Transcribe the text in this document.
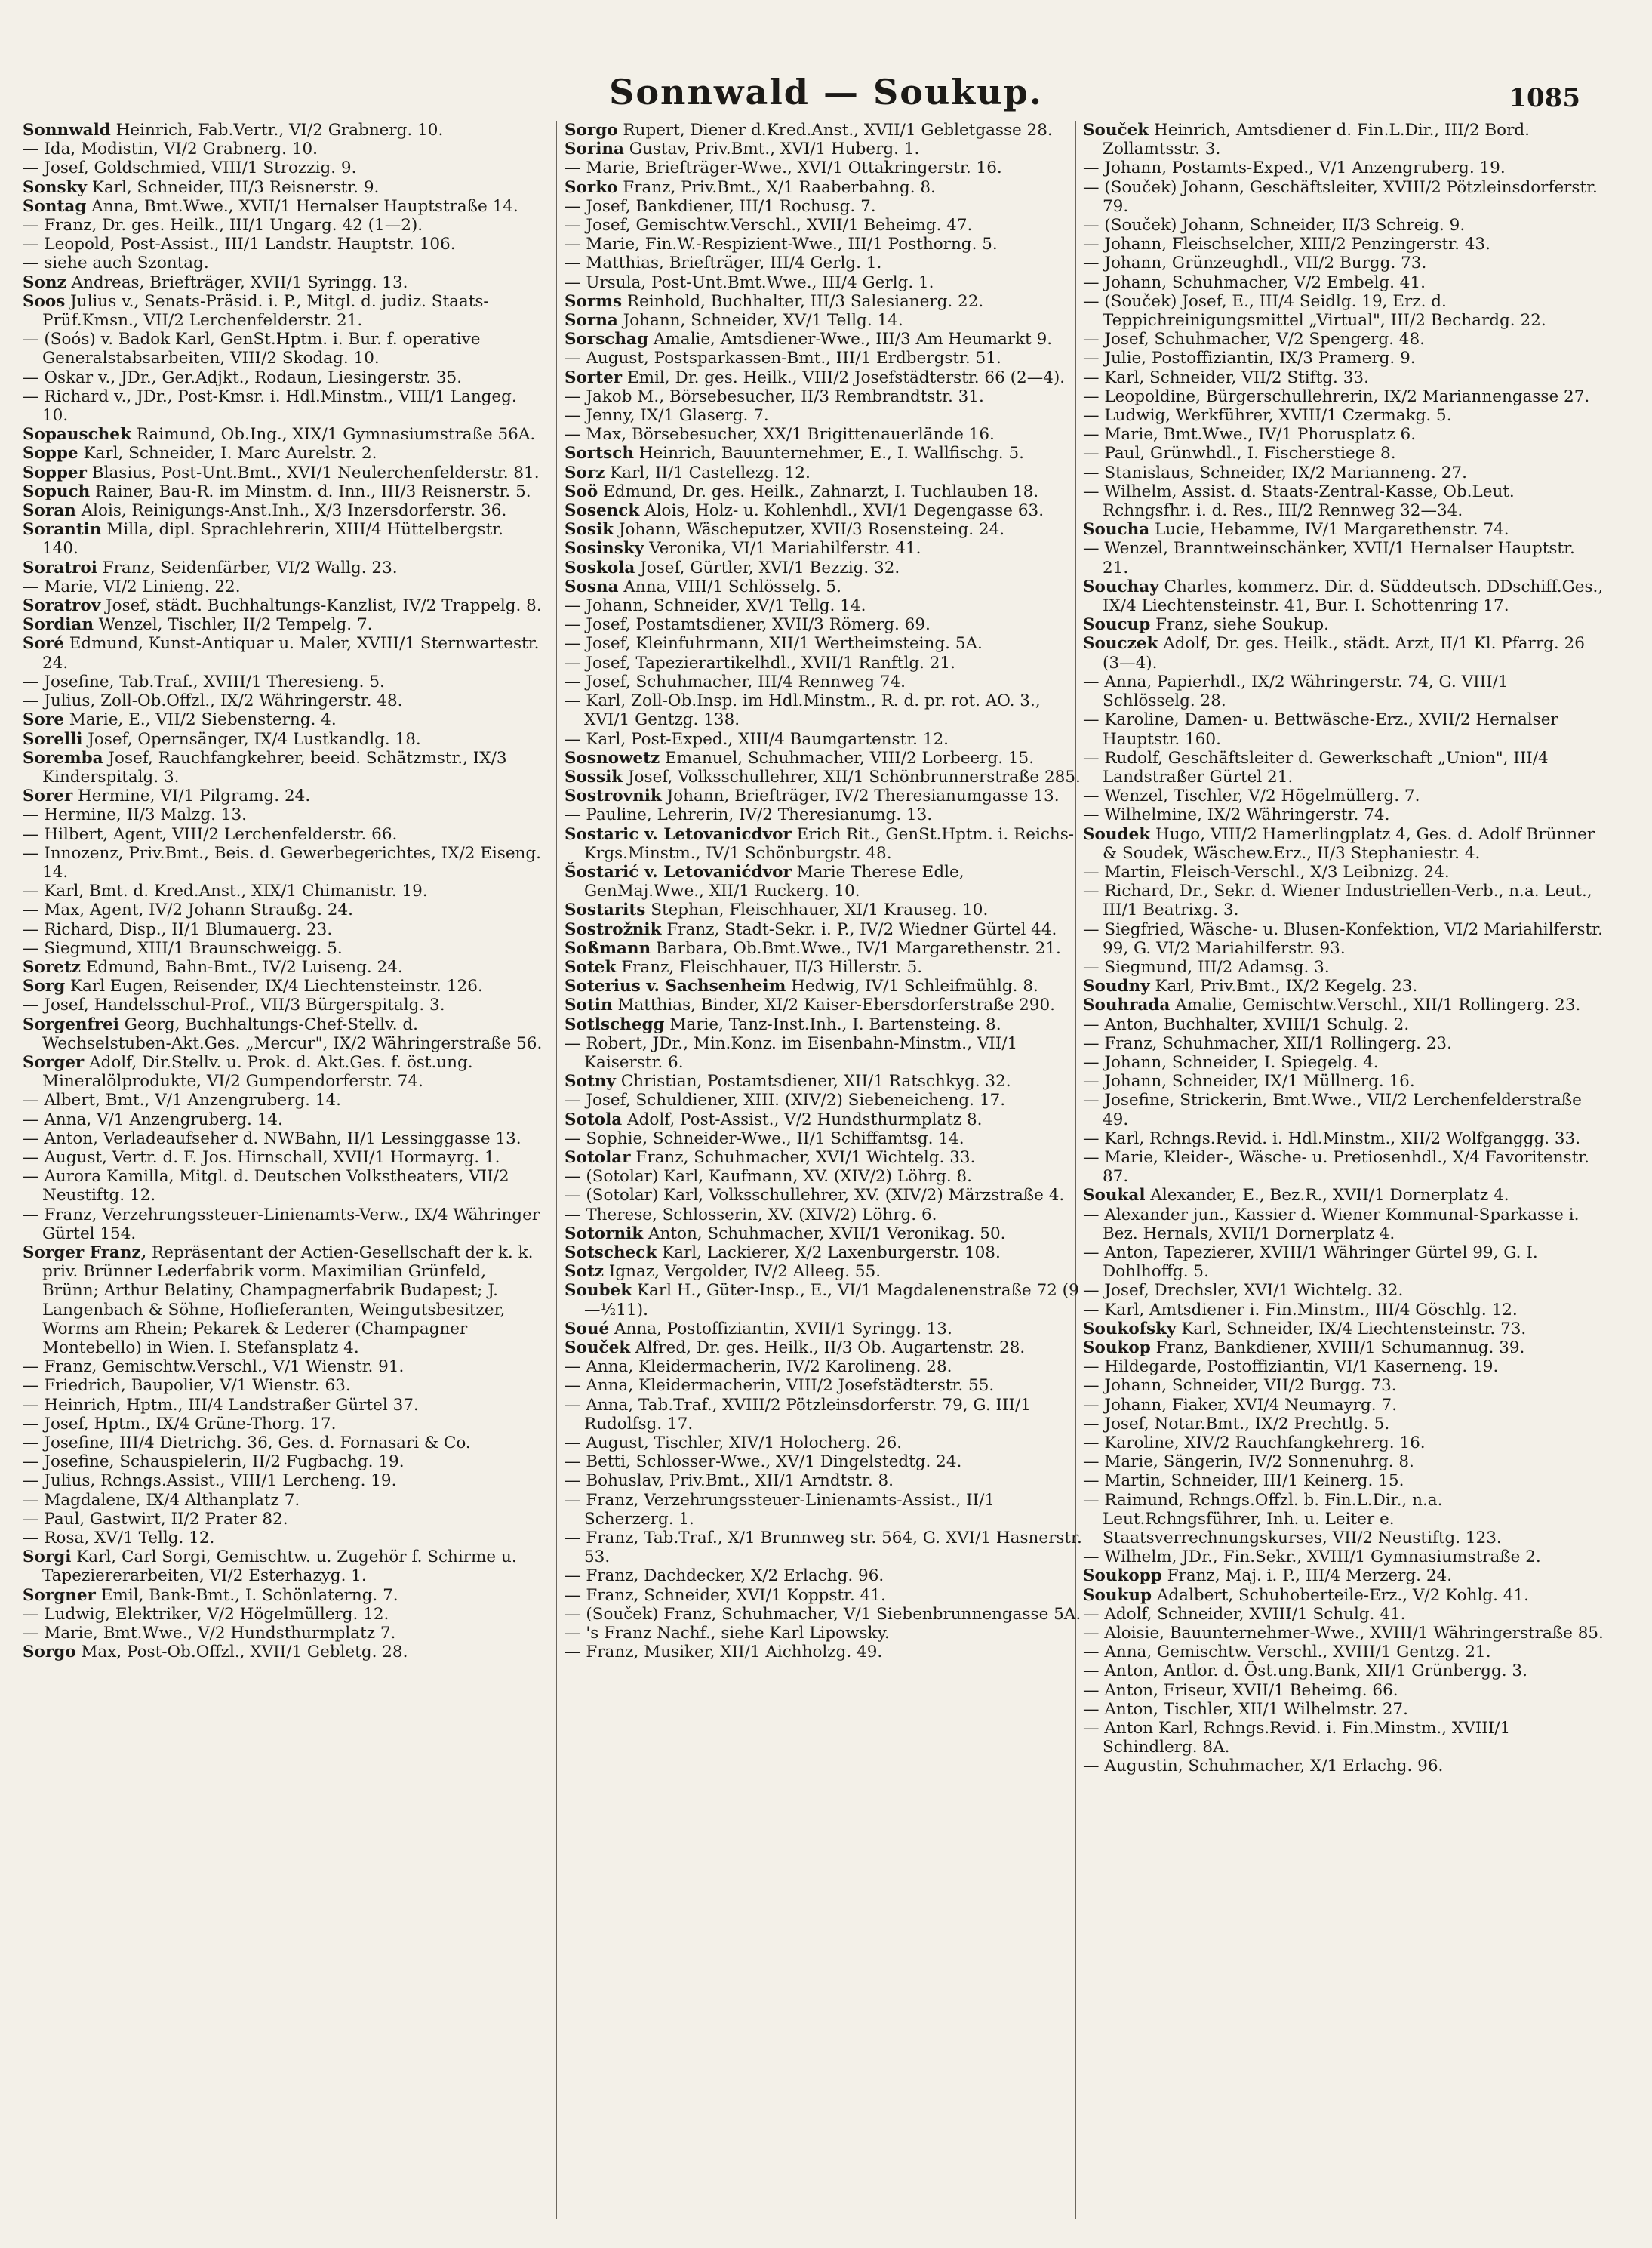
Sonnwald — Soukup.	1085

Sonnwald Heinrich, Fab.Vertr., VI/2 Grabnerg. 10.

— Ida, Modistin, VI/2 Grabnerg. 10.

— Josef, Goldschmied, VIII/1 Strozzig. 9.

Sonsky Karl, Schneider, III/3 Reisnerstr. 9.

Sontag Anna, Bmt.Wwe., XVII/1 Hernalser Hauptstraße 14.

— Franz, Dr. ges. Heilk., III/1 Ungarg. 42 (1—2).

— Leopold, Post-Assist., III/1 Landstr. Hauptstr. 106.

— siehe auch Szontag.

Sonz Andreas, Briefträger, XVII/1 Syringg. 13.

Soos Julius v., Senats-Präsid. i. P., Mitgl. d. judiz. Staats-Prüf.Kmsn., VII/2 Lerchenfelderstr. 21.

— (Soós) v. Badok Karl, GenSt.Hptm. i. Bur. f. operative Generalstabsarbeiten, VIII/2 Skodag. 10.

— Oskar v., JDr., Ger.Adjkt., Rodaun, Liesingerstr. 35.

— Richard v., JDr., Post-Kmsr. i. Hdl.Minstm., VIII/1 Langeg. 10.

Sopauschek Raimund, Ob.Ing., XIX/1 Gymnasiumstraße 56A.

Soppe Karl, Schneider, I. Marc Aurelstr. 2.

Sopper Blasius, Post-Unt.Bmt., XVI/1 Neulerchenfelderstr. 81.

Sopuch Rainer, Bau-R. im Minstm. d. Inn., III/3 Reisnerstr. 5.

Soran Alois, Reinigungs-Anst.Inh., X/3 Inzersdorferstr. 36.

Sorantin Milla, dipl. Sprachlehrerin, XIII/4 Hüttelbergstr. 140.

Soratroi Franz, Seidenfärber, VI/2 Wallg. 23.

— Marie, VI/2 Linieng. 22.

Soratrov Josef, städt. Buchhaltungs-Kanzlist, IV/2 Trappelg. 8.

Sordian Wenzel, Tischler, II/2 Tempelg. 7.

Soré Edmund, Kunst-Antiquar u. Maler, XVIII/1 Sternwartestr. 24.

— Josefine, Tab.Traf., XVIII/1 Theresieng. 5.

— Julius, Zoll-Ob.Offzl., IX/2 Währingerstr. 48.

Sore Marie, E., VII/2 Siebensterng. 4.

Sorelli Josef, Opernsänger, IX/4 Lustkandlg. 18.

Soremba Josef, Rauchfangkehrer, beeid. Schätzmstr., IX/3 Kinderspitalg. 3.

Sorer Hermine, VI/1 Pilgramg. 24.

— Hermine, II/3 Malzg. 13.

— Hilbert, Agent, VIII/2 Lerchenfelderstr. 66.

— Innozenz, Priv.Bmt., Beis. d. Gewerbegerichtes, IX/2 Eiseng. 14.

— Karl, Bmt. d. Kred.Anst., XIX/1 Chimanistr. 19.

— Max, Agent, IV/2 Johann Straußg. 24.

— Richard, Disp., II/1 Blumauerg. 23.

— Siegmund, XIII/1 Braunschweigg. 5.

Soretz Edmund, Bahn-Bmt., IV/2 Luiseng. 24.

Sorg Karl Eugen, Reisender, IX/4 Liechtensteinstr. 126.

— Josef, Handelsschul-Prof., VII/3 Bürgerspitalg. 3.

Sorgenfrei Georg, Buchhaltungs-Chef-Stellv. d. Wechselstuben-Akt.Ges. „Mercur", IX/2 Währingerstraße 56.

Sorger Adolf, Dir.Stellv. u. Prok. d. Akt.Ges. f. öst.ung. Mineralölprodukte, VI/2 Gumpendorferstr. 74.

— Albert, Bmt., V/1 Anzengruberg. 14.

— Anna, V/1 Anzengruberg. 14.

— Anton, Verladeaufseher d. NWBahn, II/1 Lessinggasse 13.

— August, Vertr. d. F. Jos. Hirnschall, XVII/1 Hormayrg. 1.

— Aurora Kamilla, Mitgl. d. Deutschen Volkstheaters, VII/2 Neustiftg. 12.

— Franz, Verzehrungssteuer-Linienamts-Verw., IX/4 Währinger Gürtel 154.

Sorger Franz, Repräsentant der Actien-Gesellschaft der k. k. priv. Brünner Lederfabrik vorm. Maximilian Grünfeld, Brünn; Arthur Belatiny, Champagnerfabrik Budapest; J. Langenbach & Söhne, Hoflieferanten, Weingutsbesitzer, Worms am Rhein; Pekarek & Lederer (Champagner Montebello) in Wien. I. Stefansplatz 4.

— Franz, Gemischtw.Verschl., V/1 Wienstr. 91.

— Friedrich, Baupolier, V/1 Wienstr. 63.

— Heinrich, Hptm., III/4 Landstraßer Gürtel 37.

— Josef, Hptm., IX/4 Grüne-Thorg. 17.

— Josefine, III/4 Dietrichg. 36, Ges. d. Fornasari & Co.

— Josefine, Schauspielerin, II/2 Fugbachg. 19.

— Julius, Rchngs.Assist., VIII/1 Lercheng. 19.

— Magdalene, IX/4 Althanplatz 7.

— Paul, Gastwirt, II/2 Prater 82.

— Rosa, XV/1 Tellg. 12.

Sorgi Karl, Carl Sorgi, Gemischtw. u. Zugehör f. Schirme u. Tapeziererarbeiten, VI/2 Esterhazyg. 1.

Sorgner Emil, Bank-Bmt., I. Schönlaterng. 7.

— Ludwig, Elektriker, V/2 Högelmüllerg. 12.

— Marie, Bmt.Wwe., V/2 Hundsthurmplatz 7.

Sorgo Max, Post-Ob.Offzl., XVII/1 Gebletg. 28.

Sorgo Rupert, Diener d.Kred.Anst., XVII/1 Gebletgasse 28.

Sorina Gustav, Priv.Bmt., XVI/1 Huberg. 1.

— Marie, Briefträger-Wwe., XVI/1 Ottakringerstr. 16.

Sorko Franz, Priv.Bmt., X/1 Raaberbahng. 8.

— Josef, Bankdiener, III/1 Rochusg. 7.

— Josef, Gemischtw.Verschl., XVII/1 Beheimg. 47.

— Marie, Fin.W.-Respizient-Wwe., III/1 Posthorng. 5.

— Matthias, Briefträger, III/4 Gerlg. 1.

— Ursula, Post-Unt.Bmt.Wwe., III/4 Gerlg. 1.

Sorms Reinhold, Buchhalter, III/3 Salesianerg. 22.

Sorna Johann, Schneider, XV/1 Tellg. 14.

Sorschag Amalie, Amtsdiener-Wwe., III/3 Am Heumarkt 9.

— August, Postsparkassen-Bmt., III/1 Erdbergstr. 51.

Sorter Emil, Dr. ges. Heilk., VIII/2 Josefstädterstr. 66 (2—4).

— Jakob M., Börsebesucher, II/3 Rembrandtstr. 31.

— Jenny, IX/1 Glaserg. 7.

— Max, Börsebesucher, XX/1 Brigittenauerlände 16.

Sortsch Heinrich, Bauunternehmer, E., I. Wallfischg. 5.

Sorz Karl, II/1 Castellezg. 12.

Soö Edmund, Dr. ges. Heilk., Zahnarzt, I. Tuchlauben 18.

Sosenck Alois, Holz- u. Kohlenhdl., XVI/1 Degengasse 63.

Sosik Johann, Wäscheputzer, XVII/3 Rosensteing. 24.

Sosinsky Veronika, VI/1 Mariahilferstr. 41.

Soskola Josef, Gürtler, XVI/1 Bezzig. 32.

Sosna Anna, VIII/1 Schlösselg. 5.

— Johann, Schneider, XV/1 Tellg. 14.

— Josef, Postamtsdiener, XVII/3 Römerg. 69.

— Josef, Kleinfuhrmann, XII/1 Wertheimsteing. 5A.

— Josef, Tapezierartikelhdl., XVII/1 Ranftlg. 21.

— Josef, Schuhmacher, III/4 Rennweg 74.

— Karl, Zoll-Ob.Insp. im Hdl.Minstm., R. d. pr. rot. AO. 3., XVI/1 Gentzg. 138.

— Karl, Post-Exped., XIII/4 Baumgartenstr. 12.

Sosnowetz Emanuel, Schuhmacher, VIII/2 Lorbeerg. 15.

Sossik Josef, Volksschullehrer, XII/1 Schönbrunnerstraße 285.

Sostrovnik Johann, Briefträger, IV/2 Theresianumgasse 13.

— Pauline, Lehrerin, IV/2 Theresianumg. 13.

Sostaric v. Letovanicdvor Erich Rit., GenSt.Hptm. i. Reichs-Krgs.Minstm., IV/1 Schönburgstr. 48.

Šostarić v. Letovanićdvor Marie Therese Edle, GenMaj.Wwe., XII/1 Ruckerg. 10.

Sostarits Stephan, Fleischhauer, XI/1 Krauseg. 10.

Sostrožnik Franz, Stadt-Sekr. i. P., IV/2 Wiedner Gürtel 44.

Soßmann Barbara, Ob.Bmt.Wwe., IV/1 Margarethenstr. 21.

Sotek Franz, Fleischhauer, II/3 Hillerstr. 5.

Soterius v. Sachsenheim Hedwig, IV/1 Schleifmühlg. 8.

Sotin Matthias, Binder, XI/2 Kaiser-Ebersdorferstraße 290.

Sotlschegg Marie, Tanz-Inst.Inh., I. Bartensteing. 8.

— Robert, JDr., Min.Konz. im Eisenbahn-Minstm., VII/1 Kaiserstr. 6.

Sotny Christian, Postamtsdiener, XII/1 Ratschkyg. 32.

— Josef, Schuldiener, XIII. (XIV/2) Siebeneicheng. 17.

Sotola Adolf, Post-Assist., V/2 Hundsthurmplatz 8.

— Sophie, Schneider-Wwe., II/1 Schiffamtsg. 14.

Sotolar Franz, Schuhmacher, XVI/1 Wichtelg. 33.

— (Sotolar) Karl, Kaufmann, XV. (XIV/2) Löhrg. 8.

— (Sotolar) Karl, Volksschullehrer, XV. (XIV/2) Märzstraße 4.

— Therese, Schlosserin, XV. (XIV/2) Löhrg. 6.

Sotornik Anton, Schuhmacher, XVII/1 Veronikag. 50.

Sotscheck Karl, Lackierer, X/2 Laxenburgerstr. 108.

Sotz Ignaz, Vergolder, IV/2 Alleeg. 55.

Soubek Karl H., Güter-Insp., E., VI/1 Magdalenenstraße 72 (9—½11).

Soué Anna, Postoffiziantin, XVII/1 Syringg. 13.

Souček Alfred, Dr. ges. Heilk., II/3 Ob. Augartenstr. 28.

— Anna, Kleidermacherin, IV/2 Karolineng. 28.

— Anna, Kleidermacherin, VIII/2 Josefstädterstr. 55.

— Anna, Tab.Traf., XVIII/2 Pötzleinsdorferstr. 79, G. III/1 Rudolfsg. 17.

— August, Tischler, XIV/1 Holocherg. 26.

— Betti, Schlosser-Wwe., XV/1 Dingelstedtg. 24.

— Bohuslav, Priv.Bmt., XII/1 Arndtstr. 8.

— Franz, Verzehrungssteuer-Linienamts-Assist., II/1 Scherzerg. 1.

— Franz, Tab.Traf., X/1 Brunnweg str. 564, G. XVI/1 Hasnerstr. 53.

— Franz, Dachdecker, X/2 Erlachg. 96.

— Franz, Schneider, XVI/1 Koppstr. 41.

— (Souček) Franz, Schuhmacher, V/1 Siebenbrunnengasse 5A.

— 's Franz Nachf., siehe Karl Lipowsky.

— Franz, Musiker, XII/1 Aichholzg. 49.

Souček Heinrich, Amtsdiener d. Fin.L.Dir., III/2 Bord. Zollamtsstr. 3.

— Johann, Postamts-Exped., V/1 Anzengruberg. 19.

— (Souček) Johann, Geschäftsleiter, XVIII/2 Pötzleinsdorferstr. 79.

— (Souček) Johann, Schneider, II/3 Schreig. 9.

— Johann, Fleischselcher, XIII/2 Penzingerstr. 43.

— Johann, Grünzeughdl., VII/2 Burgg. 73.

— Johann, Schuhmacher, V/2 Embelg. 41.

— (Souček) Josef, E., III/4 Seidlg. 19, Erz. d. Teppichreinigungsmittel „Virtual", III/2 Bechardg. 22.

— Josef, Schuhmacher, V/2 Spengerg. 48.

— Julie, Postoffiziantin, IX/3 Pramerg. 9.

— Karl, Schneider, VII/2 Stiftg. 33.

— Leopoldine, Bürgerschullehrerin, IX/2 Mariannengasse 27.

— Ludwig, Werkführer, XVIII/1 Czermakg. 5.

— Marie, Bmt.Wwe., IV/1 Phorusplatz 6.

— Paul, Grünwhdl., I. Fischerstiege 8.

— Stanislaus, Schneider, IX/2 Marianneng. 27.

— Wilhelm, Assist. d. Staats-Zentral-Kasse, Ob.Leut. Rchngsfhr. i. d. Res., III/2 Rennweg 32—34.

Soucha Lucie, Hebamme, IV/1 Margarethenstr. 74.

— Wenzel, Branntweinschänker, XVII/1 Hernalser Hauptstr. 21.

Souchay Charles, kommerz. Dir. d. Süddeutsch. DDschiff.Ges., IX/4 Liechtensteinstr. 41, Bur. I. Schottenring 17.

Soucup Franz, siehe Soukup.

Souczek Adolf, Dr. ges. Heilk., städt. Arzt, II/1 Kl. Pfarrg. 26 (3—4).

— Anna, Papierhdl., IX/2 Währingerstr. 74, G. VIII/1 Schlösselg. 28.

— Karoline, Damen- u. Bettwäsche-Erz., XVII/2 Hernalser Hauptstr. 160.

— Rudolf, Geschäftsleiter d. Gewerkschaft „Union", III/4 Landstraßer Gürtel 21.

— Wenzel, Tischler, V/2 Högelmüllerg. 7.

— Wilhelmine, IX/2 Währingerstr. 74.

Soudek Hugo, VIII/2 Hamerlingplatz 4, Ges. d. Adolf Brünner & Soudek, Wäschew.Erz., II/3 Stephaniestr. 4.

— Martin, Fleisch-Verschl., X/3 Leibnizg. 24.

— Richard, Dr., Sekr. d. Wiener Industriellen-Verb., n.a. Leut., III/1 Beatrixg. 3.

— Siegfried, Wäsche- u. Blusen-Konfektion, VI/2 Mariahilferstr. 99, G. VI/2 Mariahilferstr. 93.

— Siegmund, III/2 Adamsg. 3.

Soudny Karl, Priv.Bmt., IX/2 Kegelg. 23.

Souhrada Amalie, Gemischtw.Verschl., XII/1 Rollingerg. 23.

— Anton, Buchhalter, XVIII/1 Schulg. 2.

— Franz, Schuhmacher, XII/1 Rollingerg. 23.

— Johann, Schneider, I. Spiegelg. 4.

— Johann, Schneider, IX/1 Müllnerg. 16.

— Josefine, Strickerin, Bmt.Wwe., VII/2 Lerchenfelderstraße 49.

— Karl, Rchngs.Revid. i. Hdl.Minstm., XII/2 Wolfganggg. 33.

— Marie, Kleider-, Wäsche- u. Pretiosenhdl., X/4 Favoritenstr. 87.

Soukal Alexander, E., Bez.R., XVII/1 Dornerplatz 4.

— Alexander jun., Kassier d. Wiener Kommunal-Sparkasse i. Bez. Hernals, XVII/1 Dornerplatz 4.

— Anton, Tapezierer, XVIII/1 Währinger Gürtel 99, G. I. Dohlhoffg. 5.

— Josef, Drechsler, XVI/1 Wichtelg. 32.

— Karl, Amtsdiener i. Fin.Minstm., III/4 Göschlg. 12.

Soukofsky Karl, Schneider, IX/4 Liechtensteinstr. 73.

Soukop Franz, Bankdiener, XVIII/1 Schumannug. 39.

— Hildegarde, Postoffiziantin, VI/1 Kaserneng. 19.

— Johann, Schneider, VII/2 Burgg. 73.

— Johann, Fiaker, XVI/4 Neumayrg. 7.

— Josef, Notar.Bmt., IX/2 Prechtlg. 5.

— Karoline, XIV/2 Rauchfangkehrerg. 16.

— Marie, Sängerin, IV/2 Sonnenuhrg. 8.

— Martin, Schneider, III/1 Keinerg. 15.

— Raimund, Rchngs.Offzl. b. Fin.L.Dir., n.a. Leut.Rchngsführer, Inh. u. Leiter e. Staatsverrechnungskurses, VII/2 Neustiftg. 123.

— Wilhelm, JDr., Fin.Sekr., XVIII/1 Gymnasiumstraße 2.

Soukopp Franz, Maj. i. P., III/4 Merzerg. 24.

Soukup Adalbert, Schuhoberteile-Erz., V/2 Kohlg. 41.

— Adolf, Schneider, XVIII/1 Schulg. 41.

— Aloisie, Bauunternehmer-Wwe., XVIII/1 Währingerstraße 85.

— Anna, Gemischtw. Verschl., XVIII/1 Gentzg. 21.

— Anton, Antlor. d. Öst.ung.Bank, XII/1 Grünbergg. 3.

— Anton, Friseur, XVII/1 Beheimg. 66.

— Anton, Tischler, XII/1 Wilhelmstr. 27.

— Anton Karl, Rchngs.Revid. i. Fin.Minstm., XVIII/1 Schindlerg. 8A.

— Augustin, Schuhmacher, X/1 Erlachg. 96.
